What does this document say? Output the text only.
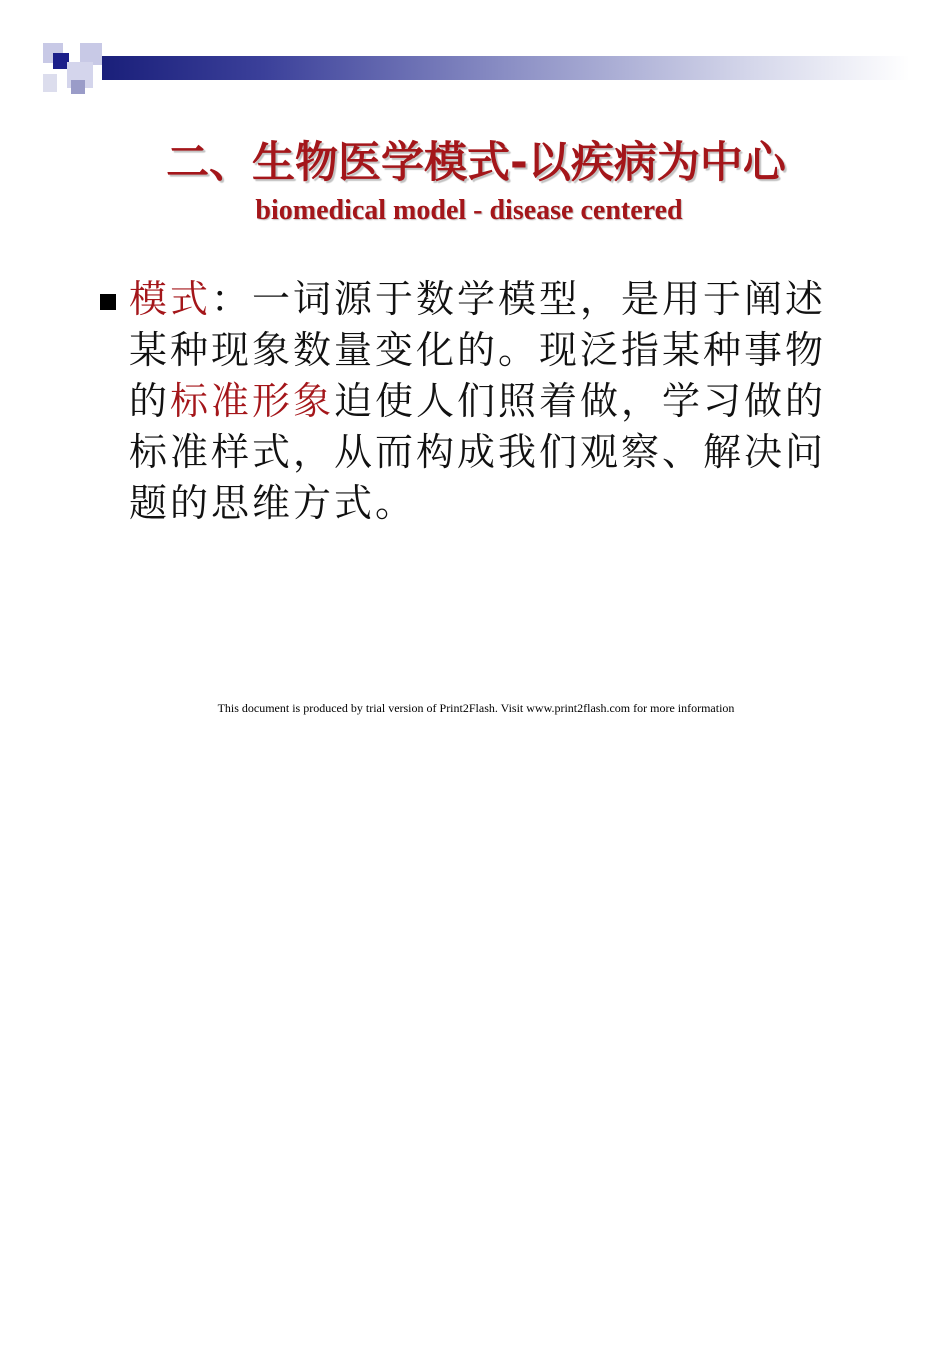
二、生物医学模式-以疾病为中心
biomedical model - disease centered
模式：一词源于数学模型，是用于阐述某种现象数量变化的。现泛指某种事物的标准形象迫使人们照着做，学习做的标准样式，从而构成我们观察、解决问题的思维方式。
This document is produced by trial version of Print2Flash. Visit www.print2flash.com for more information
